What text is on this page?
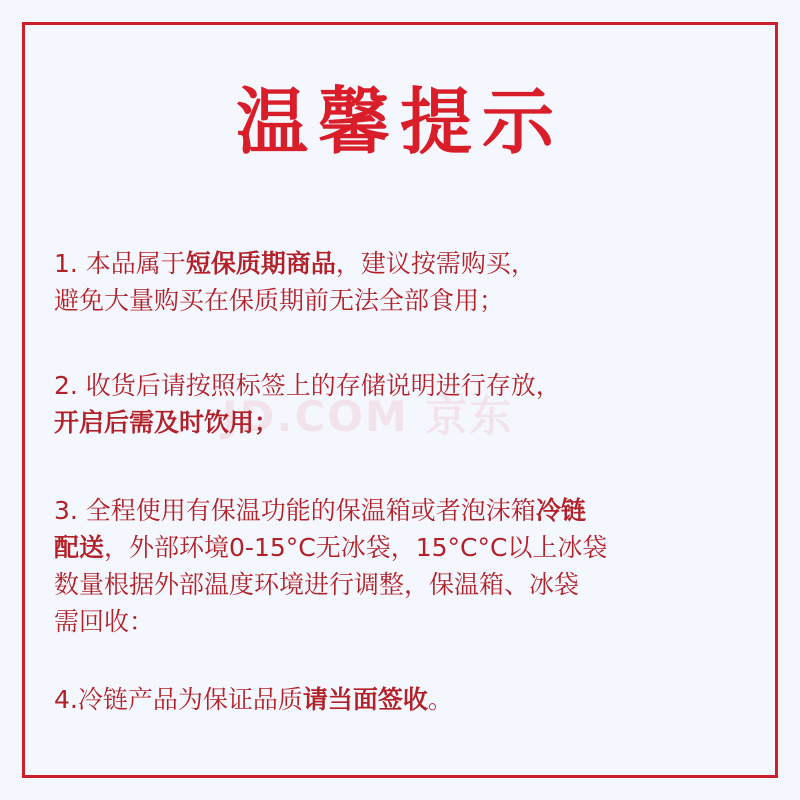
JD.COM 京东
温馨提示
1. 本品属于短保质期商品，建议按需购买，
避免大量购买在保质期前无法全部食用；
2. 收货后请按照标签上的存储说明进行存放，
开启后需及时饮用；
3. 全程使用有保温功能的保温箱或者泡沫箱冷链
配送，外部环境0-15°C无冰袋，15°C°C以上冰袋
数量根据外部温度环境进行调整，保温箱、冰袋
需回收：
4.冷链产品为保证品质请当面签收。
